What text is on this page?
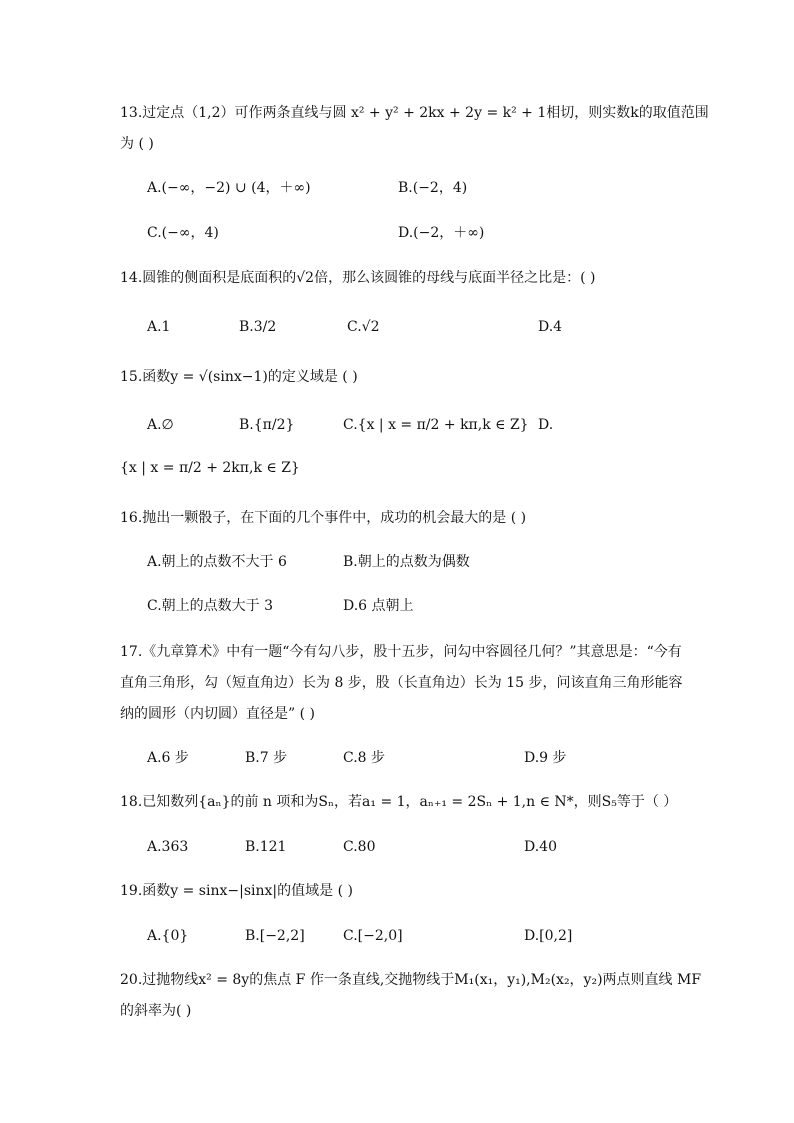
13.过定点（1,2）可作两条直线与圆 x² + y² + 2kx + 2y = k² + 1相切，则实数k的取值范围
为 ( )
A.(−∞，−2) ∪ (4，＋∞)	B.(−2，4)
C.(−∞，4)	D.(−2，＋∞)
14.圆锥的侧面积是底面积的√2倍，那么该圆锥的母线与底面半径之比是：( )
A.1	B.3/2	C.√2	D.4
15.函数y = √(sinx−1)的定义域是 ( )
A.∅	B.{π/2}	C.{x | x = π/2 + kπ,k ∈ Z} D.
{x | x = π/2 + 2kπ,k ∈ Z}
16.抛出一颗骰子，在下面的几个事件中，成功的机会最大的是 ( )
A.朝上的点数不大于 6	B.朝上的点数为偶数
C.朝上的点数大于 3	D.6 点朝上
17.《九章算术》中有一题“今有勾八步，股十五步，问勾中容圆径几何？”其意思是：“今有
直角三角形，勾（短直角边）长为 8 步，股（长直角边）长为 15 步，问该直角三角形能容
纳的圆形（内切圆）直径是” ( )
A.6 步	B.7 步	C.8 步	D.9 步
18.已知数列{aₙ}的前 n 项和为Sₙ，若a₁ = 1，aₙ₊₁ = 2Sₙ + 1,n ∈ N*，则S₅等于（ ）
A.363	B.121	C.80	D.40
19.函数y = sinx−|sinx|的值域是 ( )
A.{0}	B.[−2,2]	C.[−2,0]	D.[0,2]
20.过抛物线x² = 8y的焦点 F 作一条直线,交抛物线于M₁(x₁，y₁),M₂(x₂，y₂)两点则直线 MF
的斜率为( )
